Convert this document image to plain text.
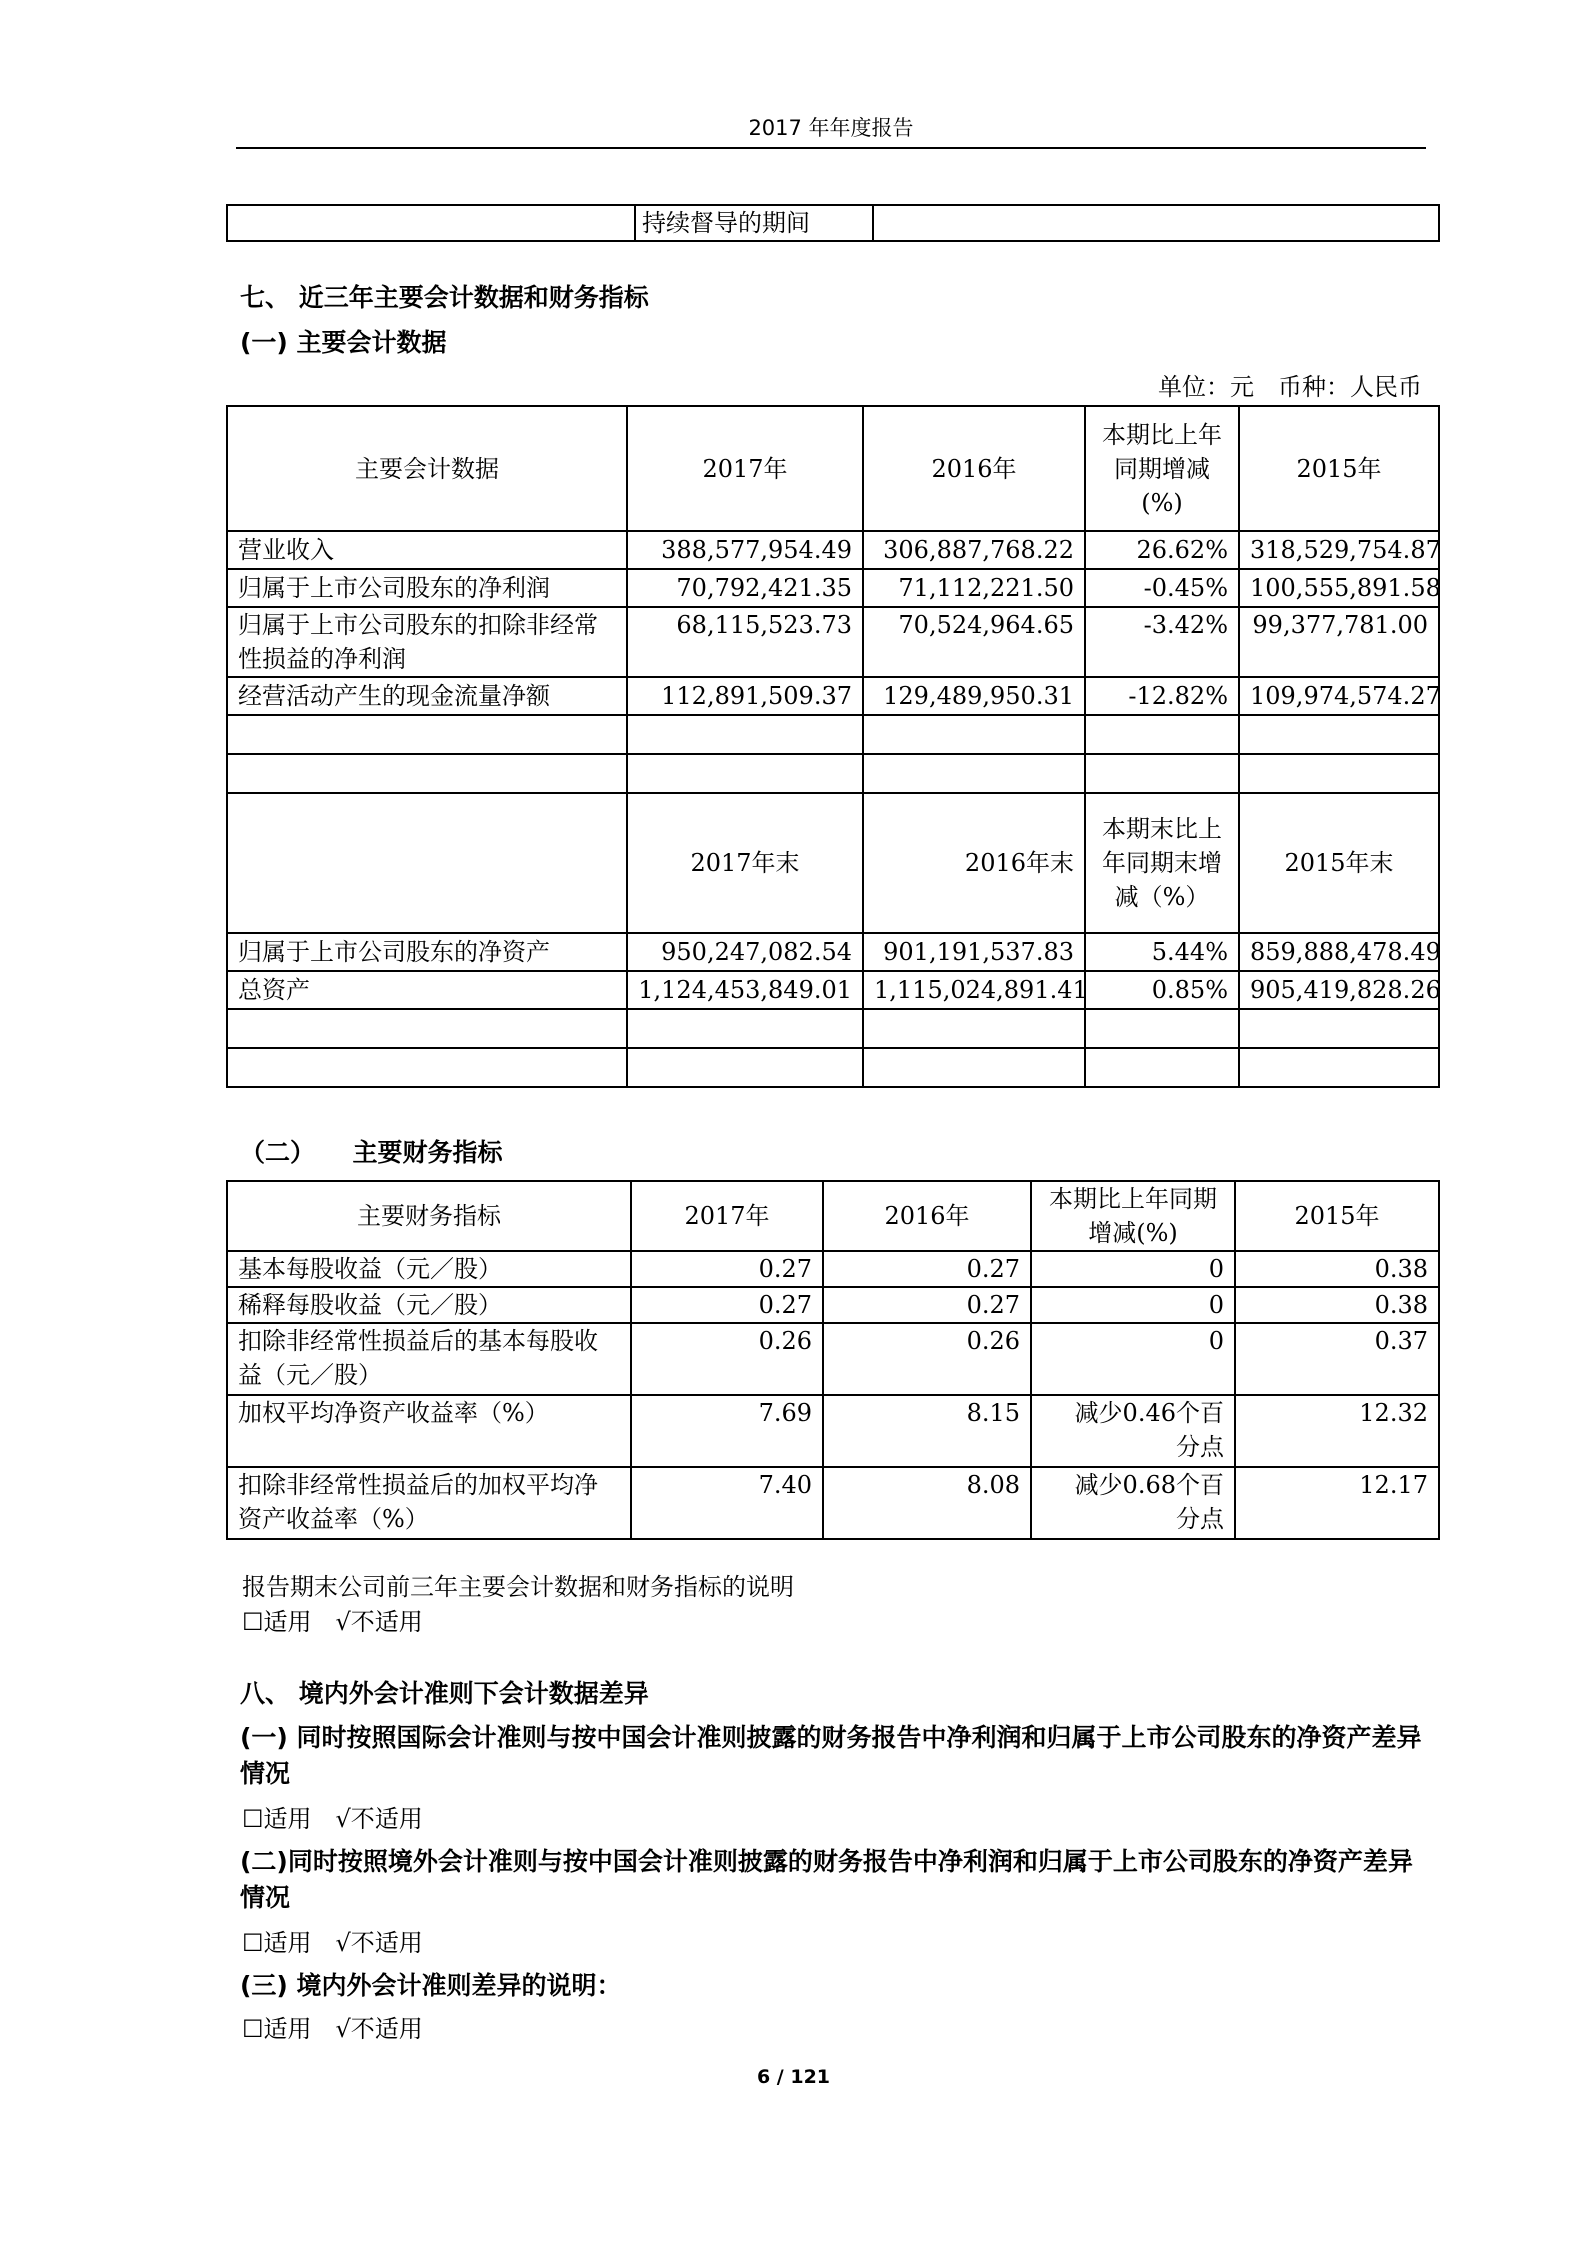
2017 年年度报告
	持续督导的期间	
七、 近三年主要会计数据和财务指标
(一) 主要会计数据
单位：元　币种：人民币
主要会计数据	2017年	2016年	本期比上年同期增减(%)	2015年
营业收入	388,577,954.49	306,887,768.22	26.62%	318,529,754.87
归属于上市公司股东的净利润	70,792,421.35	71,112,221.50	-0.45%	100,555,891.58
归属于上市公司股东的扣除非经常性损益的净利润	68,115,523.73	70,524,964.65	-3.42%	99,377,781.00
经营活动产生的现金流量净额	112,891,509.37	129,489,950.31	-12.82%	109,974,574.27

	2017年末	2016年末	本期末比上年同期末增减（%）	2015年末
归属于上市公司股东的净资产	950,247,082.54	901,191,537.83	5.44%	859,888,478.49
总资产	1,124,453,849.01	1,115,024,891.41	0.85%	905,419,828.26

（二）　　主要财务指标
主要财务指标	2017年	2016年	本期比上年同期增减(%)	2015年
基本每股收益（元／股）	0.27	0.27	0	0.38
稀释每股收益（元／股）	0.27	0.27	0	0.38
扣除非经常性损益后的基本每股收益（元／股）	0.26	0.26	0	0.37
加权平均净资产收益率（%）	7.69	8.15	减少0.46个百分点	12.32
扣除非经常性损益后的加权平均净资产收益率（%）	7.40	8.08	减少0.68个百分点	12.17
报告期末公司前三年主要会计数据和财务指标的说明
☐适用　√不适用
八、 境内外会计准则下会计数据差异
(一) 同时按照国际会计准则与按中国会计准则披露的财务报告中净利润和归属于上市公司股东的净资产差异情况
☐适用　√不适用
(二)同时按照境外会计准则与按中国会计准则披露的财务报告中净利润和归属于上市公司股东的净资产差异情况
☐适用　√不适用
(三) 境内外会计准则差异的说明：
☐适用　√不适用
6 / 121
